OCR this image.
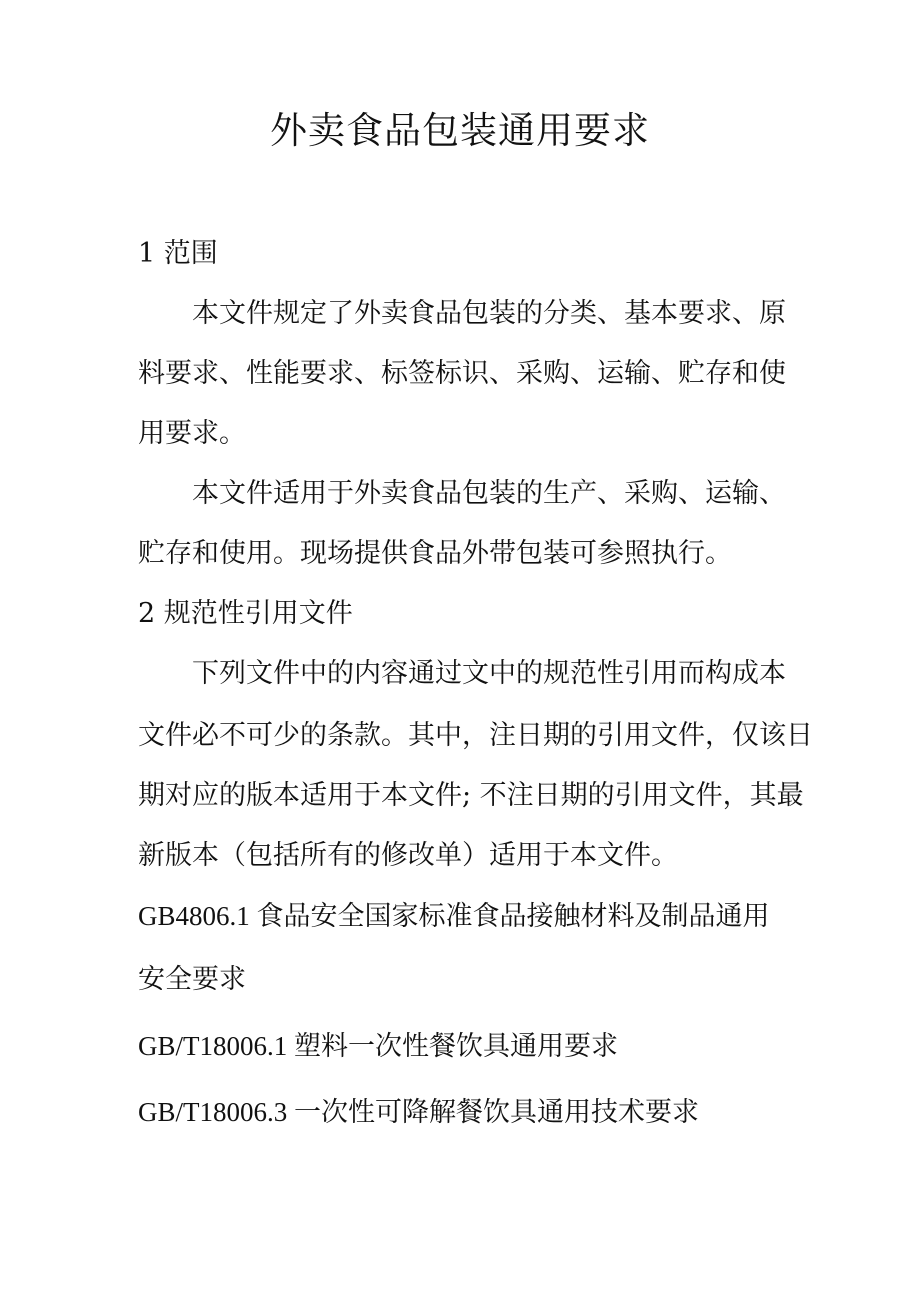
外卖食品包装通用要求
1 范围
本文件规定了外卖食品包装的分类、基本要求、原
料要求、性能要求、标签标识、采购、运输、贮存和使
用要求。
本文件适用于外卖食品包装的生产、采购、运输、
贮存和使用。现场提供食品外带包装可参照执行。
2 规范性引用文件
下列文件中的内容通过文中的规范性引用而构成本
文件必不可少的条款。其中，注日期的引用文件，仅该日
期对应的版本适用于本文件; 不注日期的引用文件，其最
新版本（包括所有的修改单）适用于本文件。
GB4806.1 食品安全国家标准食品接触材料及制品通用
安全要求
GB/T18006.1 塑料一次性餐饮具通用要求
GB/T18006.3 一次性可降解餐饮具通用技术要求
